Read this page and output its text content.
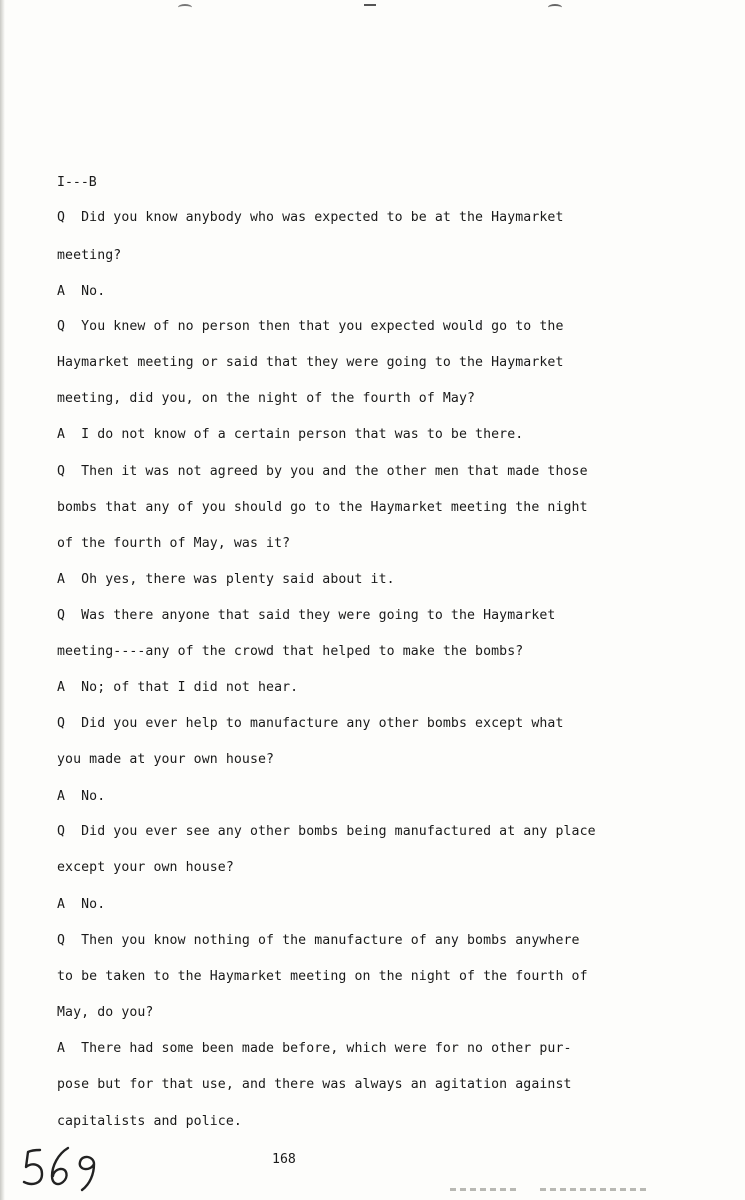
I---B

Q  Did you know anybody who was expected to be at the Haymarket

meeting?

A  No.

Q  You knew of no person then that you expected would go to the

Haymarket meeting or said that they were going to the Haymarket

meeting, did you, on the night of the fourth of May?

A  I do not know of a certain person that was to be there.

Q  Then it was not agreed by you and the other men that made those

bombs that any of you should go to the Haymarket meeting the night

of the fourth of May, was it?

A  Oh yes, there was plenty said about it.

Q  Was there anyone that said they were going to the Haymarket

meeting----any of the crowd that helped to make the bombs?

A  No; of that I did not hear.

Q  Did you ever help to manufacture any other bombs except what

you made at your own house?

A  No.

Q  Did you ever see any other bombs being manufactured at any place

except your own house?

A  No.

Q  Then you know nothing of the manufacture of any bombs anywhere

to be taken to the Haymarket meeting on the night of the fourth of

May, do you?

A  There had some been made before, which were for no other pur-

pose but for that use, and there was always an agitation against

capitalists and police.

168
